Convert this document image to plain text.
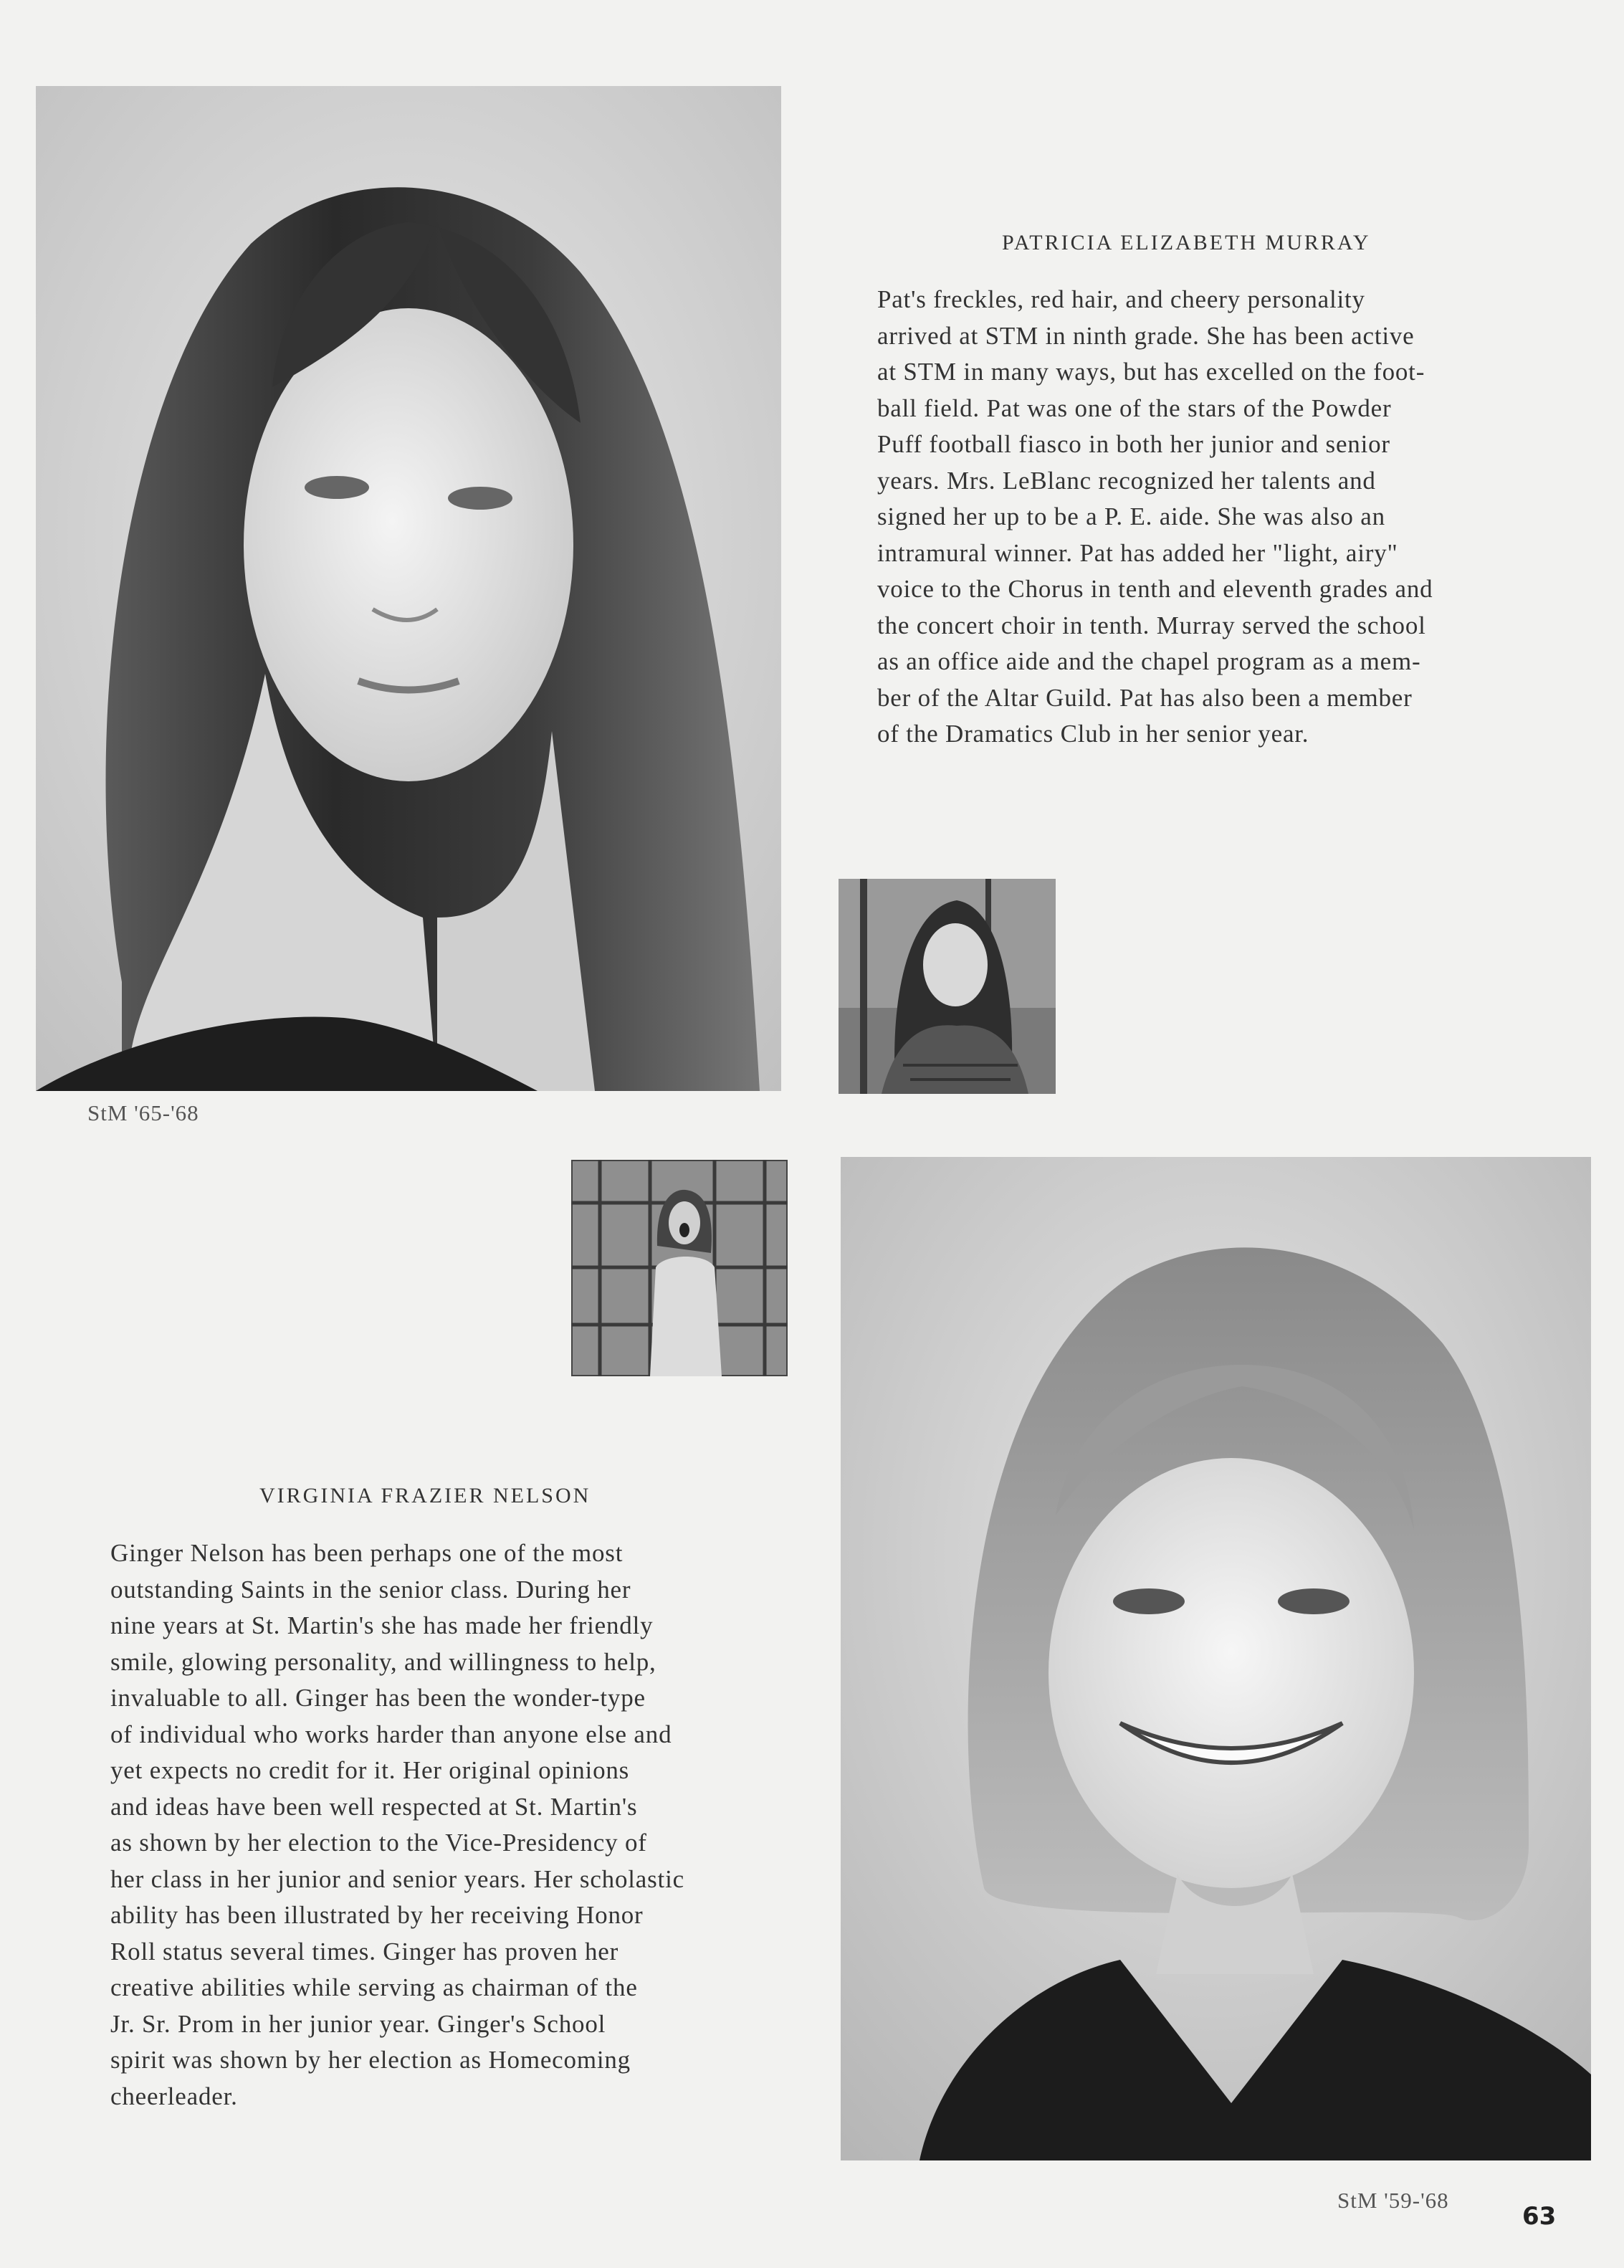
PATRICIA ELIZABETH MURRAY
Pat's freckles, red hair, and cheery personality
arrived at STM in ninth grade. She has been active
at STM in many ways, but has excelled on the foot-
ball field. Pat was one of the stars of the Powder
Puff football fiasco in both her junior and senior
years. Mrs. LeBlanc recognized her talents and
signed her up to be a P. E. aide. She was also an
intramural winner. Pat has added her "light, airy"
voice to the Chorus in tenth and eleventh grades and
the concert choir in tenth. Murray served the school
as an office aide and the chapel program as a mem-
ber of the Altar Guild. Pat has also been a member
of the Dramatics Club in her senior year.
StM '65-'68
VIRGINIA FRAZIER NELSON
Ginger Nelson has been perhaps one of the most
outstanding Saints in the senior class. During her
nine years at St. Martin's she has made her friendly
smile, glowing personality, and willingness to help,
invaluable to all. Ginger has been the wonder-type
of individual who works harder than anyone else and
yet expects no credit for it. Her original opinions
and ideas have been well respected at St. Martin's
as shown by her election to the Vice-Presidency of
her class in her junior and senior years. Her scholastic
ability has been illustrated by her receiving Honor
Roll status several times. Ginger has proven her
creative abilities while serving as chairman of the
Jr. Sr. Prom in her junior year. Ginger's School
spirit was shown by her election as Homecoming
cheerleader.
StM '59-'68
63
